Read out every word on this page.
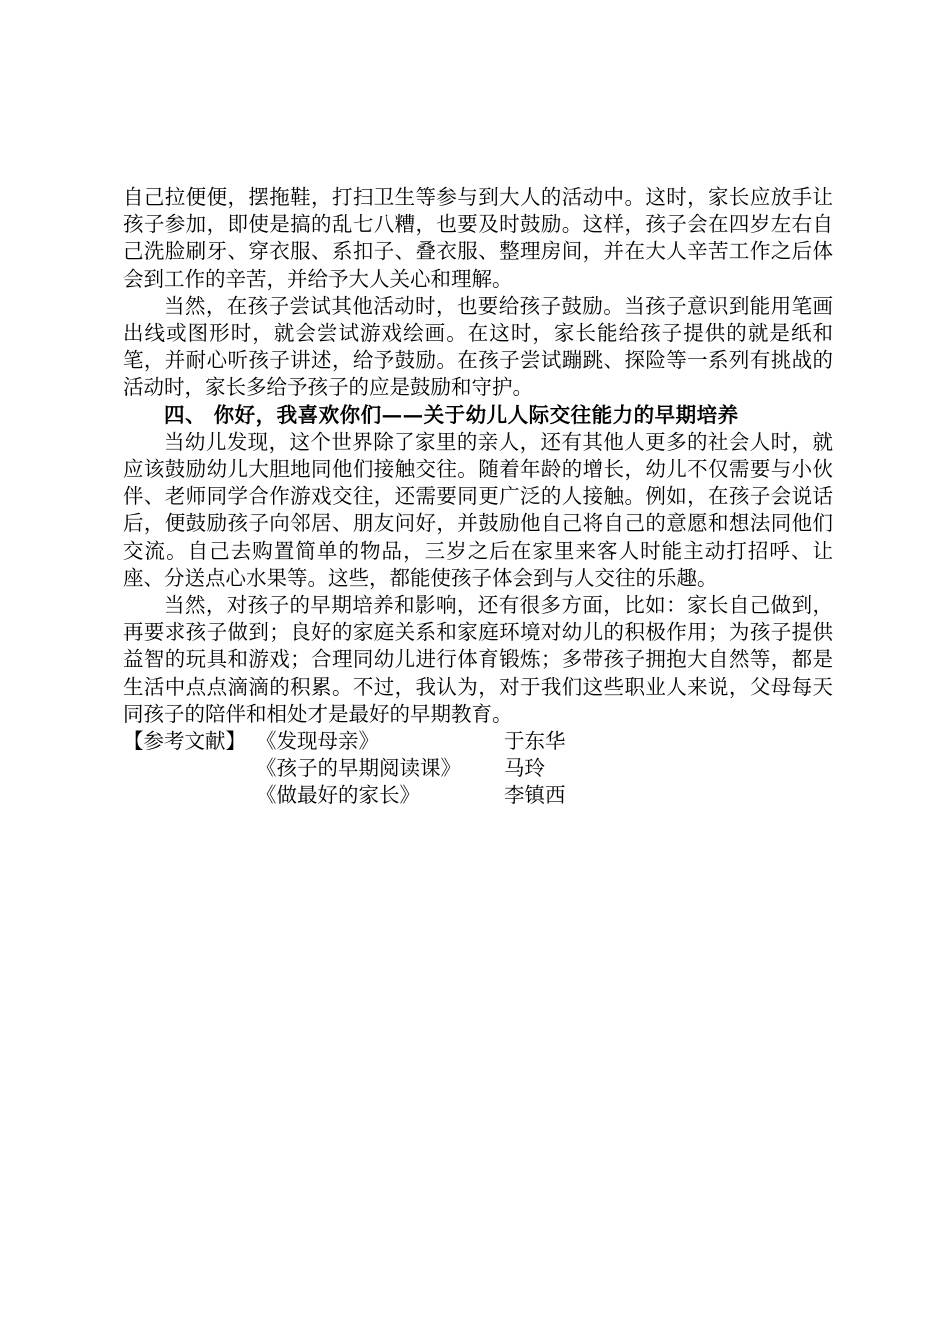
自己拉便便，摆拖鞋，打扫卫生等参与到大人的活动中。这时，家长应放手让孩子参加，即使是搞的乱七八糟，也要及时鼓励。这样，孩子会在四岁左右自己洗脸刷牙、穿衣服、系扣子、叠衣服、整理房间，并在大人辛苦工作之后体会到工作的辛苦，并给予大人关心和理解。

当然，在孩子尝试其他活动时，也要给孩子鼓励。当孩子意识到能用笔画出线或图形时，就会尝试游戏绘画。在这时，家长能给孩子提供的就是纸和笔，并耐心听孩子讲述，给予鼓励。在孩子尝试蹦跳、探险等一系列有挑战的活动时，家长多给予孩子的应是鼓励和守护。

四、 你好，我喜欢你们——关于幼儿人际交往能力的早期培养

当幼儿发现，这个世界除了家里的亲人，还有其他人更多的社会人时，就应该鼓励幼儿大胆地同他们接触交往。随着年龄的增长，幼儿不仅需要与小伙伴、老师同学合作游戏交往，还需要同更广泛的人接触。例如，在孩子会说话后，便鼓励孩子向邻居、朋友问好，并鼓励他自己将自己的意愿和想法同他们交流。自己去购置简单的物品，三岁之后在家里来客人时能主动打招呼、让座、分送点心水果等。这些，都能使孩子体会到与人交往的乐趣。

当然，对孩子的早期培养和影响，还有很多方面，比如：家长自己做到，再要求孩子做到；良好的家庭关系和家庭环境对幼儿的积极作用；为孩子提供益智的玩具和游戏；合理同幼儿进行体育锻炼；多带孩子拥抱大自然等，都是生活中点点滴滴的积累。不过，我认为，对于我们这些职业人来说，父母每天同孩子的陪伴和相处才是最好的早期教育。

【参考文献】 《发现母亲》	于东华
《孩子的早期阅读课》	马玲
《做最好的家长》	李镇西
